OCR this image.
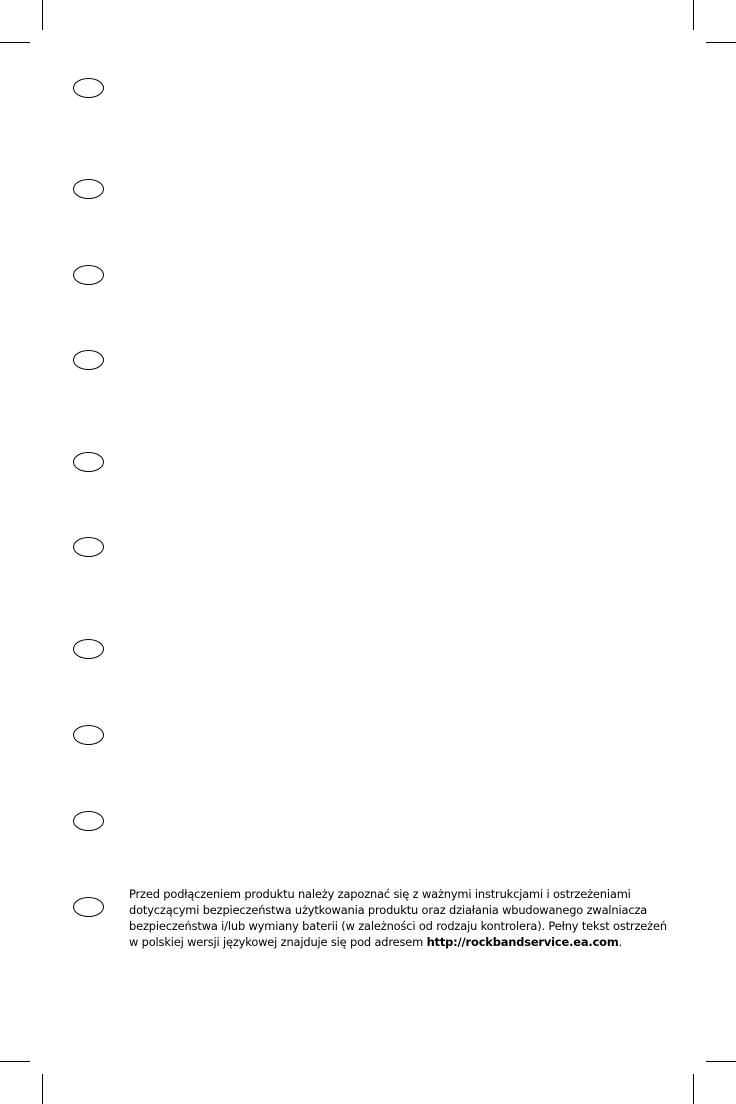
Przed podłączeniem produktu należy zapoznać się z ważnymi instrukcjami i ostrzeżeniami dotyczącymi bezpieczeństwa użytkowania produktu oraz działania wbudowanego zwalniacza bezpieczeństwa i/lub wymiany baterii (w zależności od rodzaju kontrolera). Pełny tekst ostrzeżeń w polskiej wersji językowej znajduje się pod adresem http://rockbandservice.ea.com.
